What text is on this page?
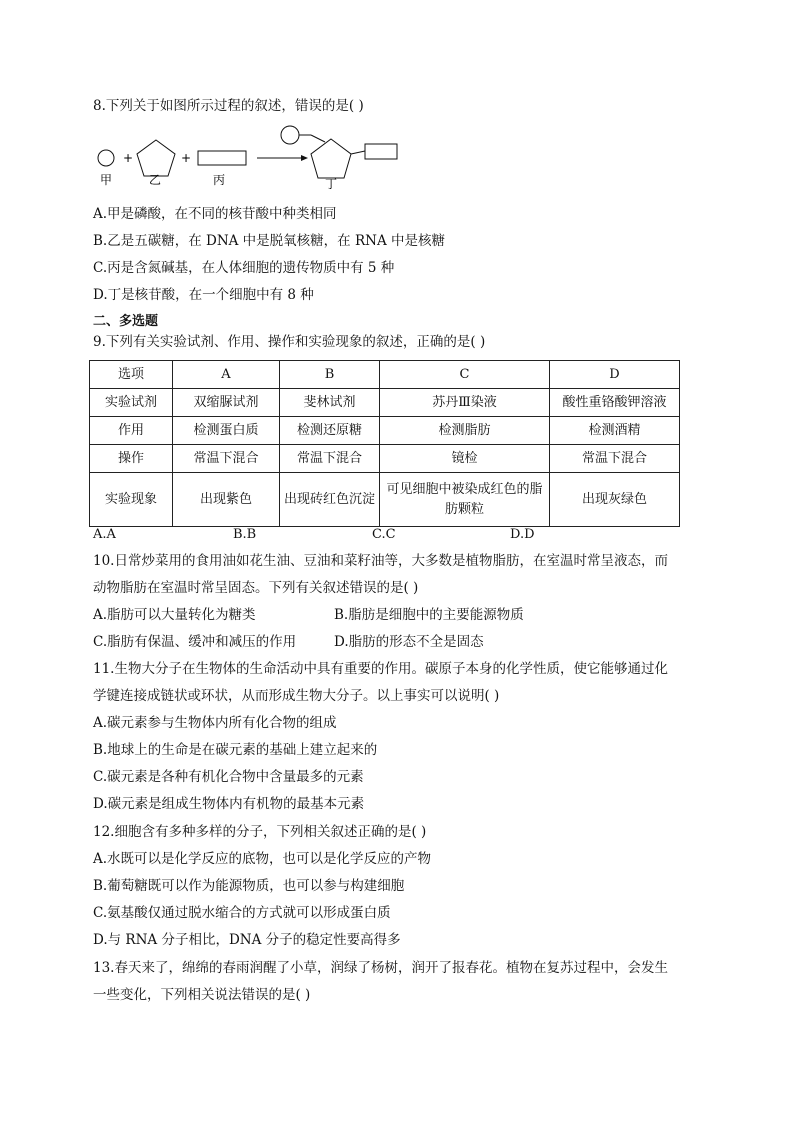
8.下列关于如图所示过程的叙述，错误的是( )
甲
+
乙
+
丙	丁
A.甲是磷酸，在不同的核苷酸中种类相同
B.乙是五碳糖，在 DNA 中是脱氧核糖，在 RNA 中是核糖
C.丙是含氮碱基，在人体细胞的遗传物质中有 5 种
D.丁是核苷酸，在一个细胞中有 8 种
二、多选题
9.下列有关实验试剂、作用、操作和实验现象的叙述，正确的是( )
选项	A	B	C	D
实验试剂	双缩脲试剂	斐林试剂	苏丹Ⅲ染液	酸性重铬酸钾溶液
作用	检测蛋白质	检测还原糖	检测脂肪	检测酒精
操作	常温下混合	常温下混合	镜检	常温下混合
实验现象	出现紫色	出现砖红色沉淀	可见细胞中被染成红色的脂肪颗粒	出现灰绿色
A.A	B.B	C.C	D.D
10.日常炒菜用的食用油如花生油、豆油和菜籽油等，大多数是植物脂肪，在室温时常呈液态，而
动物脂肪在室温时常呈固态。下列有关叙述错误的是( )
A.脂肪可以大量转化为糖类	B.脂肪是细胞中的主要能源物质
C.脂肪有保温、缓冲和减压的作用	D.脂肪的形态不全是固态
11.生物大分子在生物体的生命活动中具有重要的作用。碳原子本身的化学性质，使它能够通过化
学键连接成链状或环状，从而形成生物大分子。以上事实可以说明( )
A.碳元素参与生物体内所有化合物的组成
B.地球上的生命是在碳元素的基础上建立起来的
C.碳元素是各种有机化合物中含量最多的元素
D.碳元素是组成生物体内有机物的最基本元素
12.细胞含有多种多样的分子，下列相关叙述正确的是( )
A.水既可以是化学反应的底物，也可以是化学反应的产物
B.葡萄糖既可以作为能源物质，也可以参与构建细胞
C.氨基酸仅通过脱水缩合的方式就可以形成蛋白质
D.与 RNA 分子相比，DNA 分子的稳定性要高得多
13.春天来了，绵绵的春雨润醒了小草，润绿了杨树，润开了报春花。植物在复苏过程中，会发生
一些变化，下列相关说法错误的是( )
